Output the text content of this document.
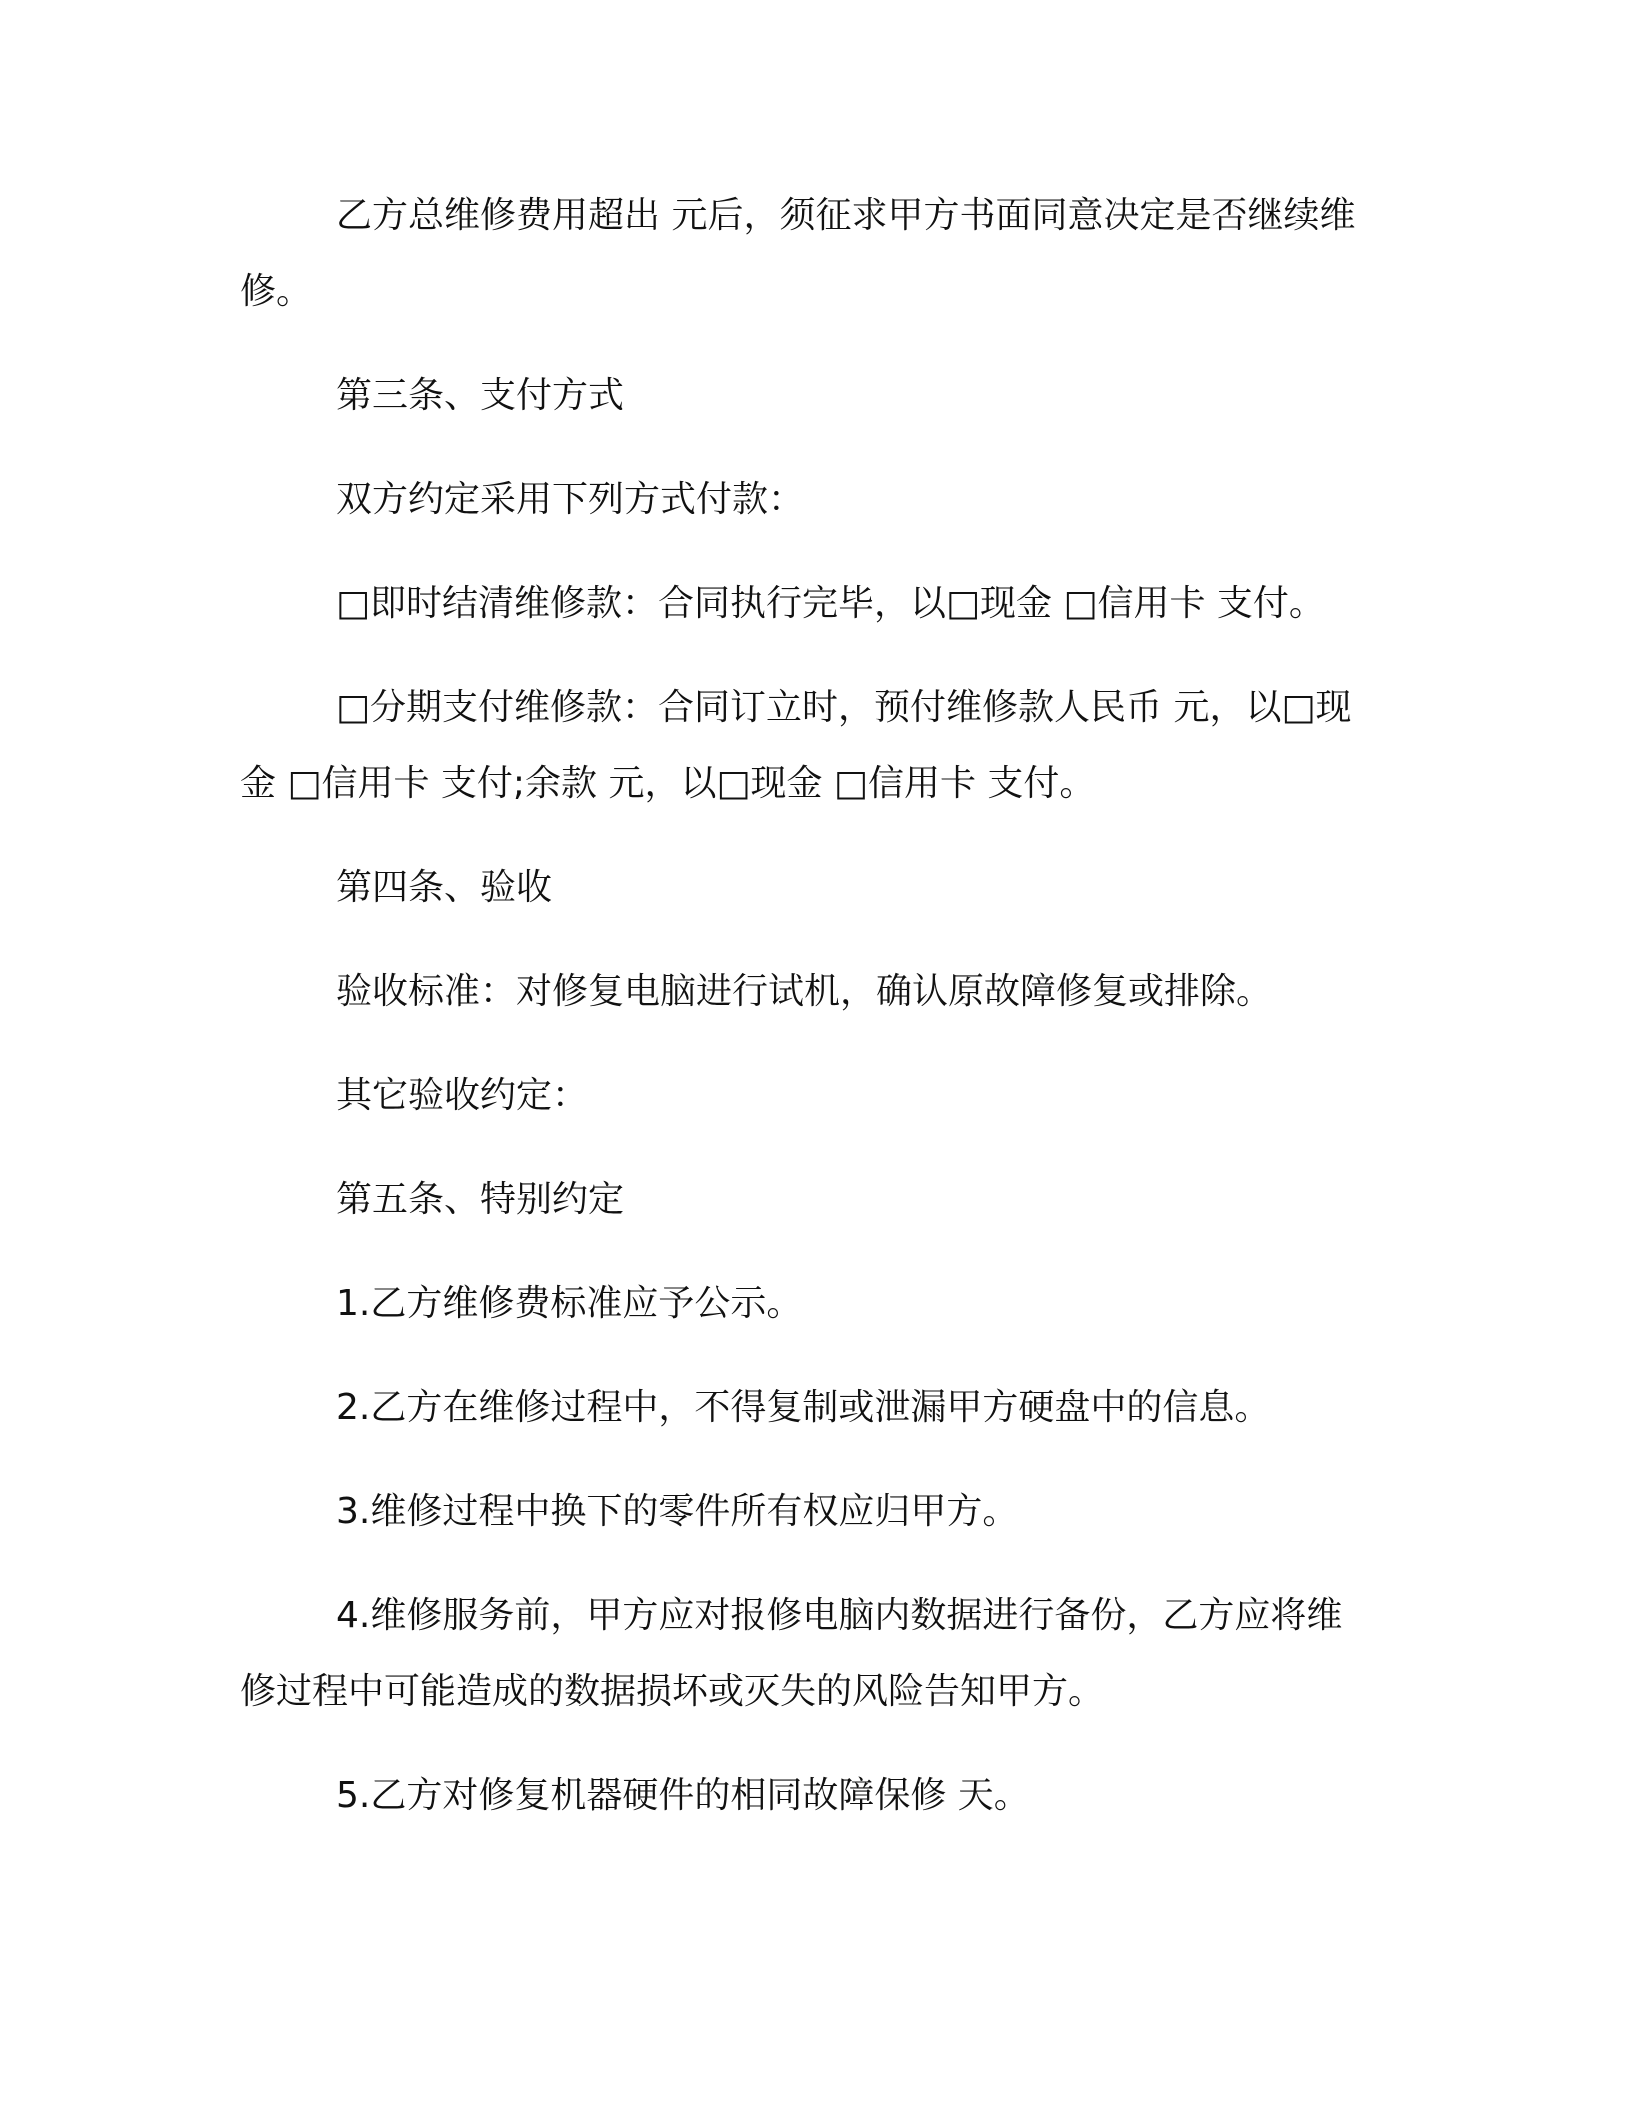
乙方总维修费用超出 元后，须征求甲方书面同意决定是否继续维
修。
第三条、支付方式
双方约定采用下列方式付款：
□即时结清维修款：合同执行完毕，以□现金 □信用卡 支付。
□分期支付维修款：合同订立时，预付维修款人民币 元，以□现
金 □信用卡 支付;余款 元，以□现金 □信用卡 支付。
第四条、验收
验收标准：对修复电脑进行试机，确认原故障修复或排除。
其它验收约定：
第五条、特别约定
1.乙方维修费标准应予公示。
2.乙方在维修过程中，不得复制或泄漏甲方硬盘中的信息。
3.维修过程中换下的零件所有权应归甲方。
4.维修服务前，甲方应对报修电脑内数据进行备份，乙方应将维
修过程中可能造成的数据损坏或灭失的风险告知甲方。
5.乙方对修复机器硬件的相同故障保修 天。
